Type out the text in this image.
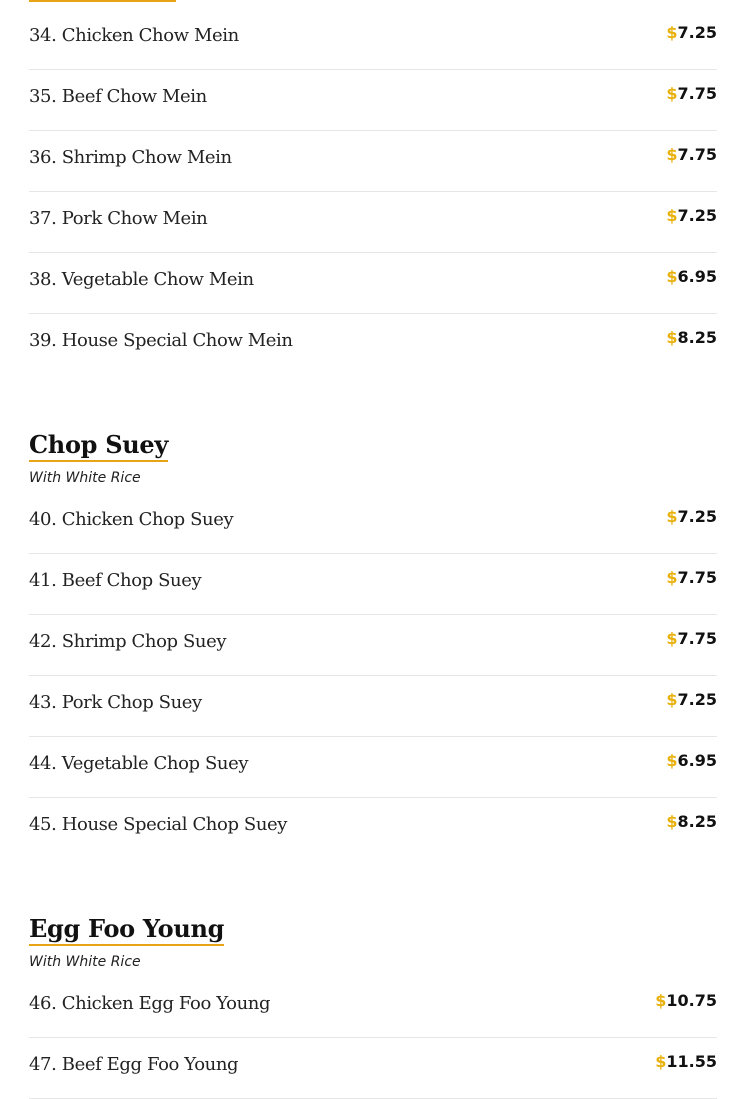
34. Chicken Chow Mein	$7.25
35. Beef Chow Mein	$7.75
36. Shrimp Chow Mein	$7.75
37. Pork Chow Mein	$7.25
38. Vegetable Chow Mein	$6.95
39. House Special Chow Mein	$8.25
Chop Suey
With White Rice
40. Chicken Chop Suey	$7.25
41. Beef Chop Suey	$7.75
42. Shrimp Chop Suey	$7.75
43. Pork Chop Suey	$7.25
44. Vegetable Chop Suey	$6.95
45. House Special Chop Suey	$8.25
Egg Foo Young
With White Rice
46. Chicken Egg Foo Young	$10.75
47. Beef Egg Foo Young	$11.55
